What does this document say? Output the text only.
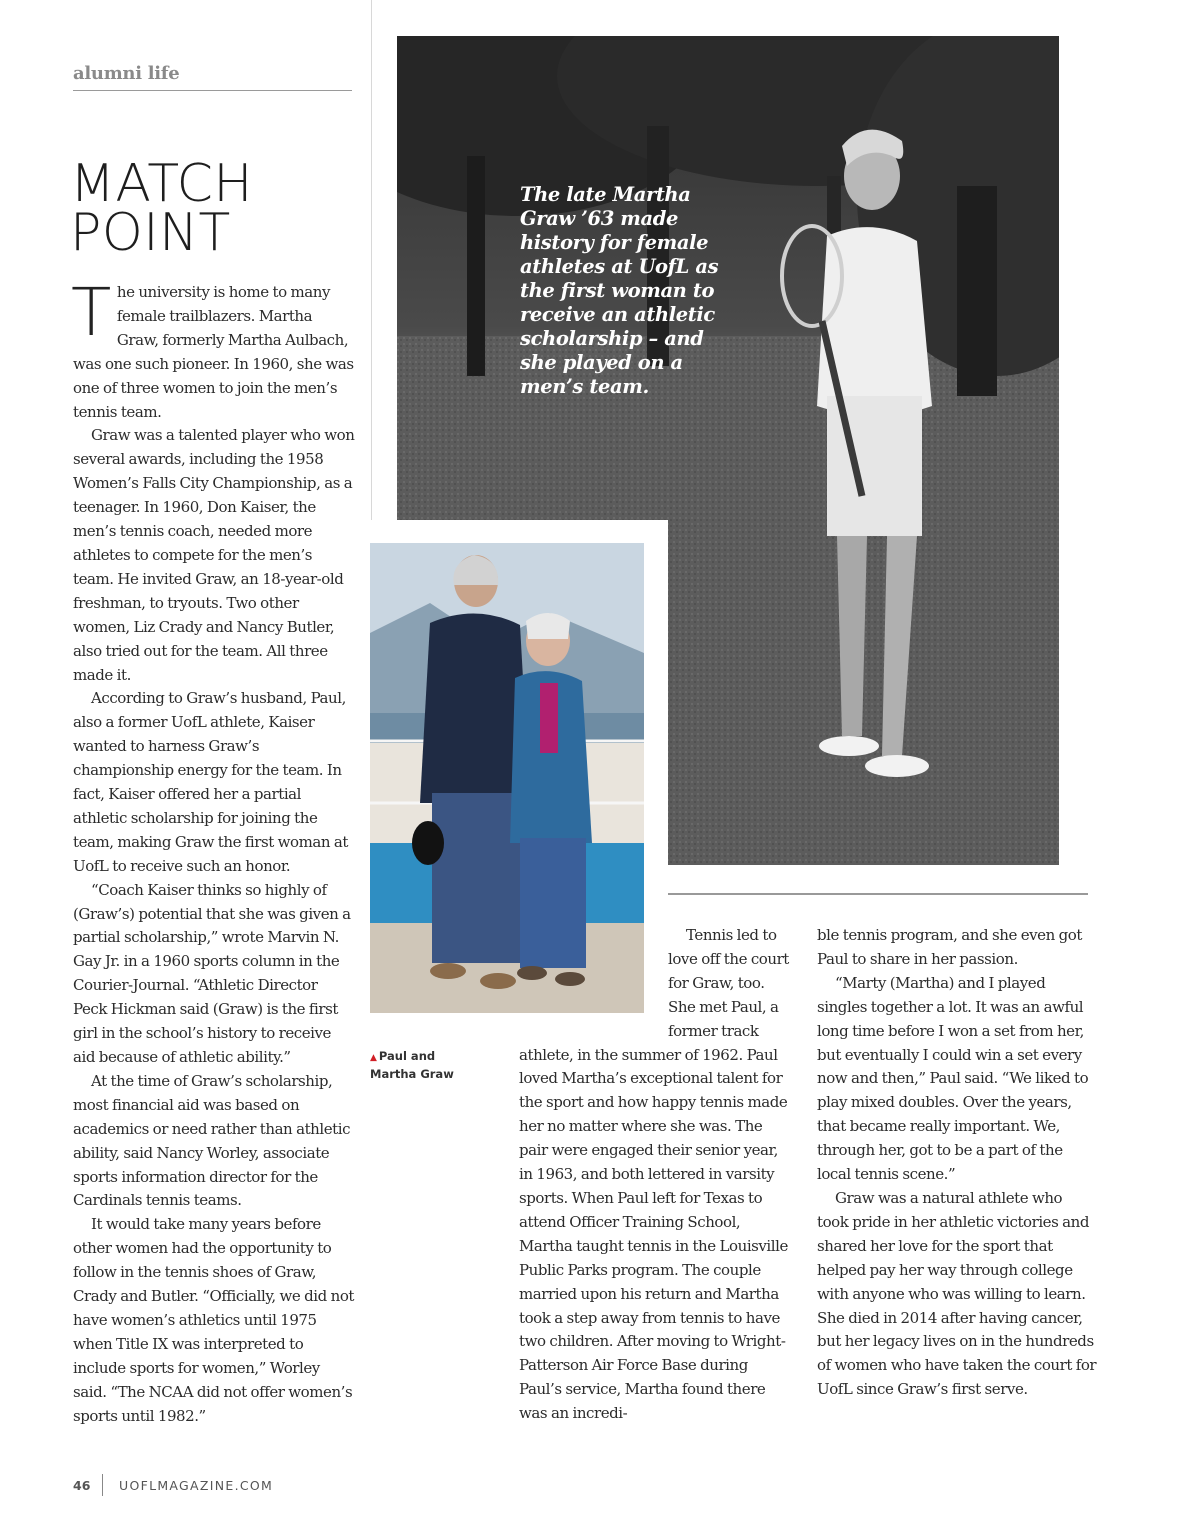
alumni life
MATCH
POINT
The late Martha Graw ’63 made history for female athletes at UofL as the first woman to receive an athletic scholarship – and she played on a men’s team.
▲ Paul and Martha Graw

The university is home to many female trailblazers. Martha Graw, formerly Martha Aulbach, was one such pioneer. In 1960, she was one of three women to join the men’s tennis team.

Graw was a talented player who won several awards, including the 1958 Women’s Falls City Championship, as a teenager. In 1960, Don Kaiser, the men’s tennis coach, needed more athletes to compete for the men’s team. He invited Graw, an 18-year-old freshman, to tryouts. Two other women, Liz Crady and Nancy Butler, also tried out for the team. All three made it.

According to Graw’s husband, Paul, also a former UofL athlete, Kaiser wanted to harness Graw’s championship energy for the team. In fact, Kaiser offered her a partial athletic scholarship for joining the team, making Graw the first woman at UofL to receive such an honor.

“Coach Kaiser thinks so highly of (Graw’s) potential that she was given a partial scholarship,” wrote Marvin N. Gay Jr. in a 1960 sports column in the Courier-Journal. “Athletic Director Peck Hickman said (Graw) is the first girl in the school’s history to receive aid because of athletic ability.”

At the time of Graw’s scholarship, most financial aid was based on academics or need rather than athletic ability, said Nancy Worley, associate sports information director for the Cardinals tennis teams.

It would take many years before other women had the opportunity to follow in the tennis shoes of Graw, Crady and Butler. “Officially, we did not have women’s athletics until 1975 when Title IX was interpreted to include sports for women,” Worley said. “The NCAA did not offer women’s sports until 1982.”

Tennis led to love off the court for Graw, too. She met Paul, a former track athlete, in the summer of 1962. Paul loved Martha’s exceptional talent for the sport and how happy tennis made her no matter where she was. The pair were engaged their senior year, in 1963, and both lettered in varsity sports. When Paul left for Texas to attend Officer Training School, Martha taught tennis in the Louisville Public Parks program. The couple married upon his return and Martha took a step away from tennis to have two children. After moving to Wright-Patterson Air Force Base during Paul’s service, Martha found there was an incredi-

ble tennis program, and she even got Paul to share in her passion.

“Marty (Martha) and I played singles together a lot. It was an awful long time before I won a set from her, but eventually I could win a set every now and then,” Paul said. “We liked to play mixed doubles. Over the years, that became really important. We, through her, got to be a part of the local tennis scene.”

Graw was a natural athlete who took pride in her athletic victories and shared her love for the sport that helped pay her way through college with anyone who was willing to learn. She died in 2014 after having cancer, but her legacy lives on in the hundreds of women who have taken the court for UofL since Graw’s first serve.

46 UOFLMAGAZINE.COM
